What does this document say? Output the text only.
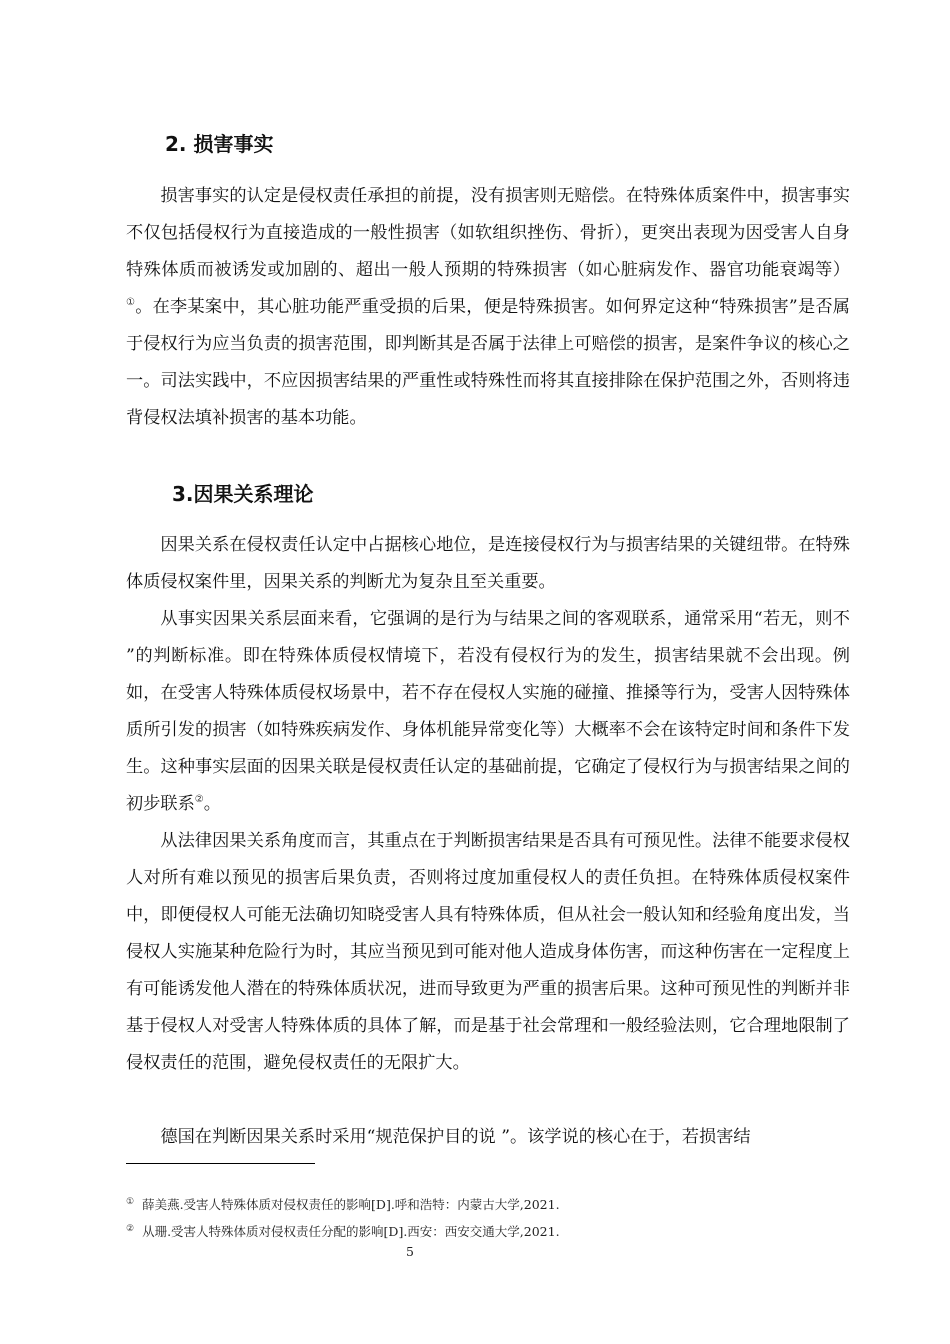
2. 损害事实

损害事实的认定是侵权责任承担的前提，没有损害则无赔偿。在特殊体质案件中，损害事实不仅包括侵权行为直接造成的一般性损害（如软组织挫伤、骨折），更突出表现为因受害人自身特殊体质而被诱发或加剧的、超出一般人预期的特殊损害（如心脏病发作、器官功能衰竭等）①。在李某案中，其心脏功能严重受损的后果，便是特殊损害。如何界定这种“特殊损害”是否属于侵权行为应当负责的损害范围，即判断其是否属于法律上可赔偿的损害，是案件争议的核心之一。司法实践中，不应因损害结果的严重性或特殊性而将其直接排除在保护范围之外，否则将违背侵权法填补损害的基本功能。

3.因果关系理论

因果关系在侵权责任认定中占据核心地位，是连接侵权行为与损害结果的关键纽带。在特殊体质侵权案件里，因果关系的判断尤为复杂且至关重要。

从事实因果关系层面来看，它强调的是行为与结果之间的客观联系，通常采用“若无，则不 ”的判断标准。即在特殊体质侵权情境下，若没有侵权行为的发生，损害结果就不会出现。例如，在受害人特殊体质侵权场景中，若不存在侵权人实施的碰撞、推搡等行为，受害人因特殊体质所引发的损害（如特殊疾病发作、身体机能异常变化等）大概率不会在该特定时间和条件下发生。这种事实层面的因果关联是侵权责任认定的基础前提，它确定了侵权行为与损害结果之间的初步联系②。

从法律因果关系角度而言，其重点在于判断损害结果是否具有可预见性。法律不能要求侵权人对所有难以预见的损害后果负责，否则将过度加重侵权人的责任负担。在特殊体质侵权案件中，即便侵权人可能无法确切知晓受害人具有特殊体质，但从社会一般认知和经验角度出发，当侵权人实施某种危险行为时，其应当预见到可能对他人造成身体伤害，而这种伤害在一定程度上有可能诱发他人潜在的特殊体质状况，进而导致更为严重的损害后果。这种可预见性的判断并非基于侵权人对受害人特殊体质的具体了解，而是基于社会常理和一般经验法则，它合理地限制了侵权责任的范围，避免侵权责任的无限扩大。

德国在判断因果关系时采用“规范保护目的说 ”。该学说的核心在于，若损害结

① 薛美燕.受害人特殊体质对侵权责任的影响[D].呼和浩特：内蒙古大学,2021.

② 从珊.受害人特殊体质对侵权责任分配的影响[D].西安：西安交通大学,2021.

5
